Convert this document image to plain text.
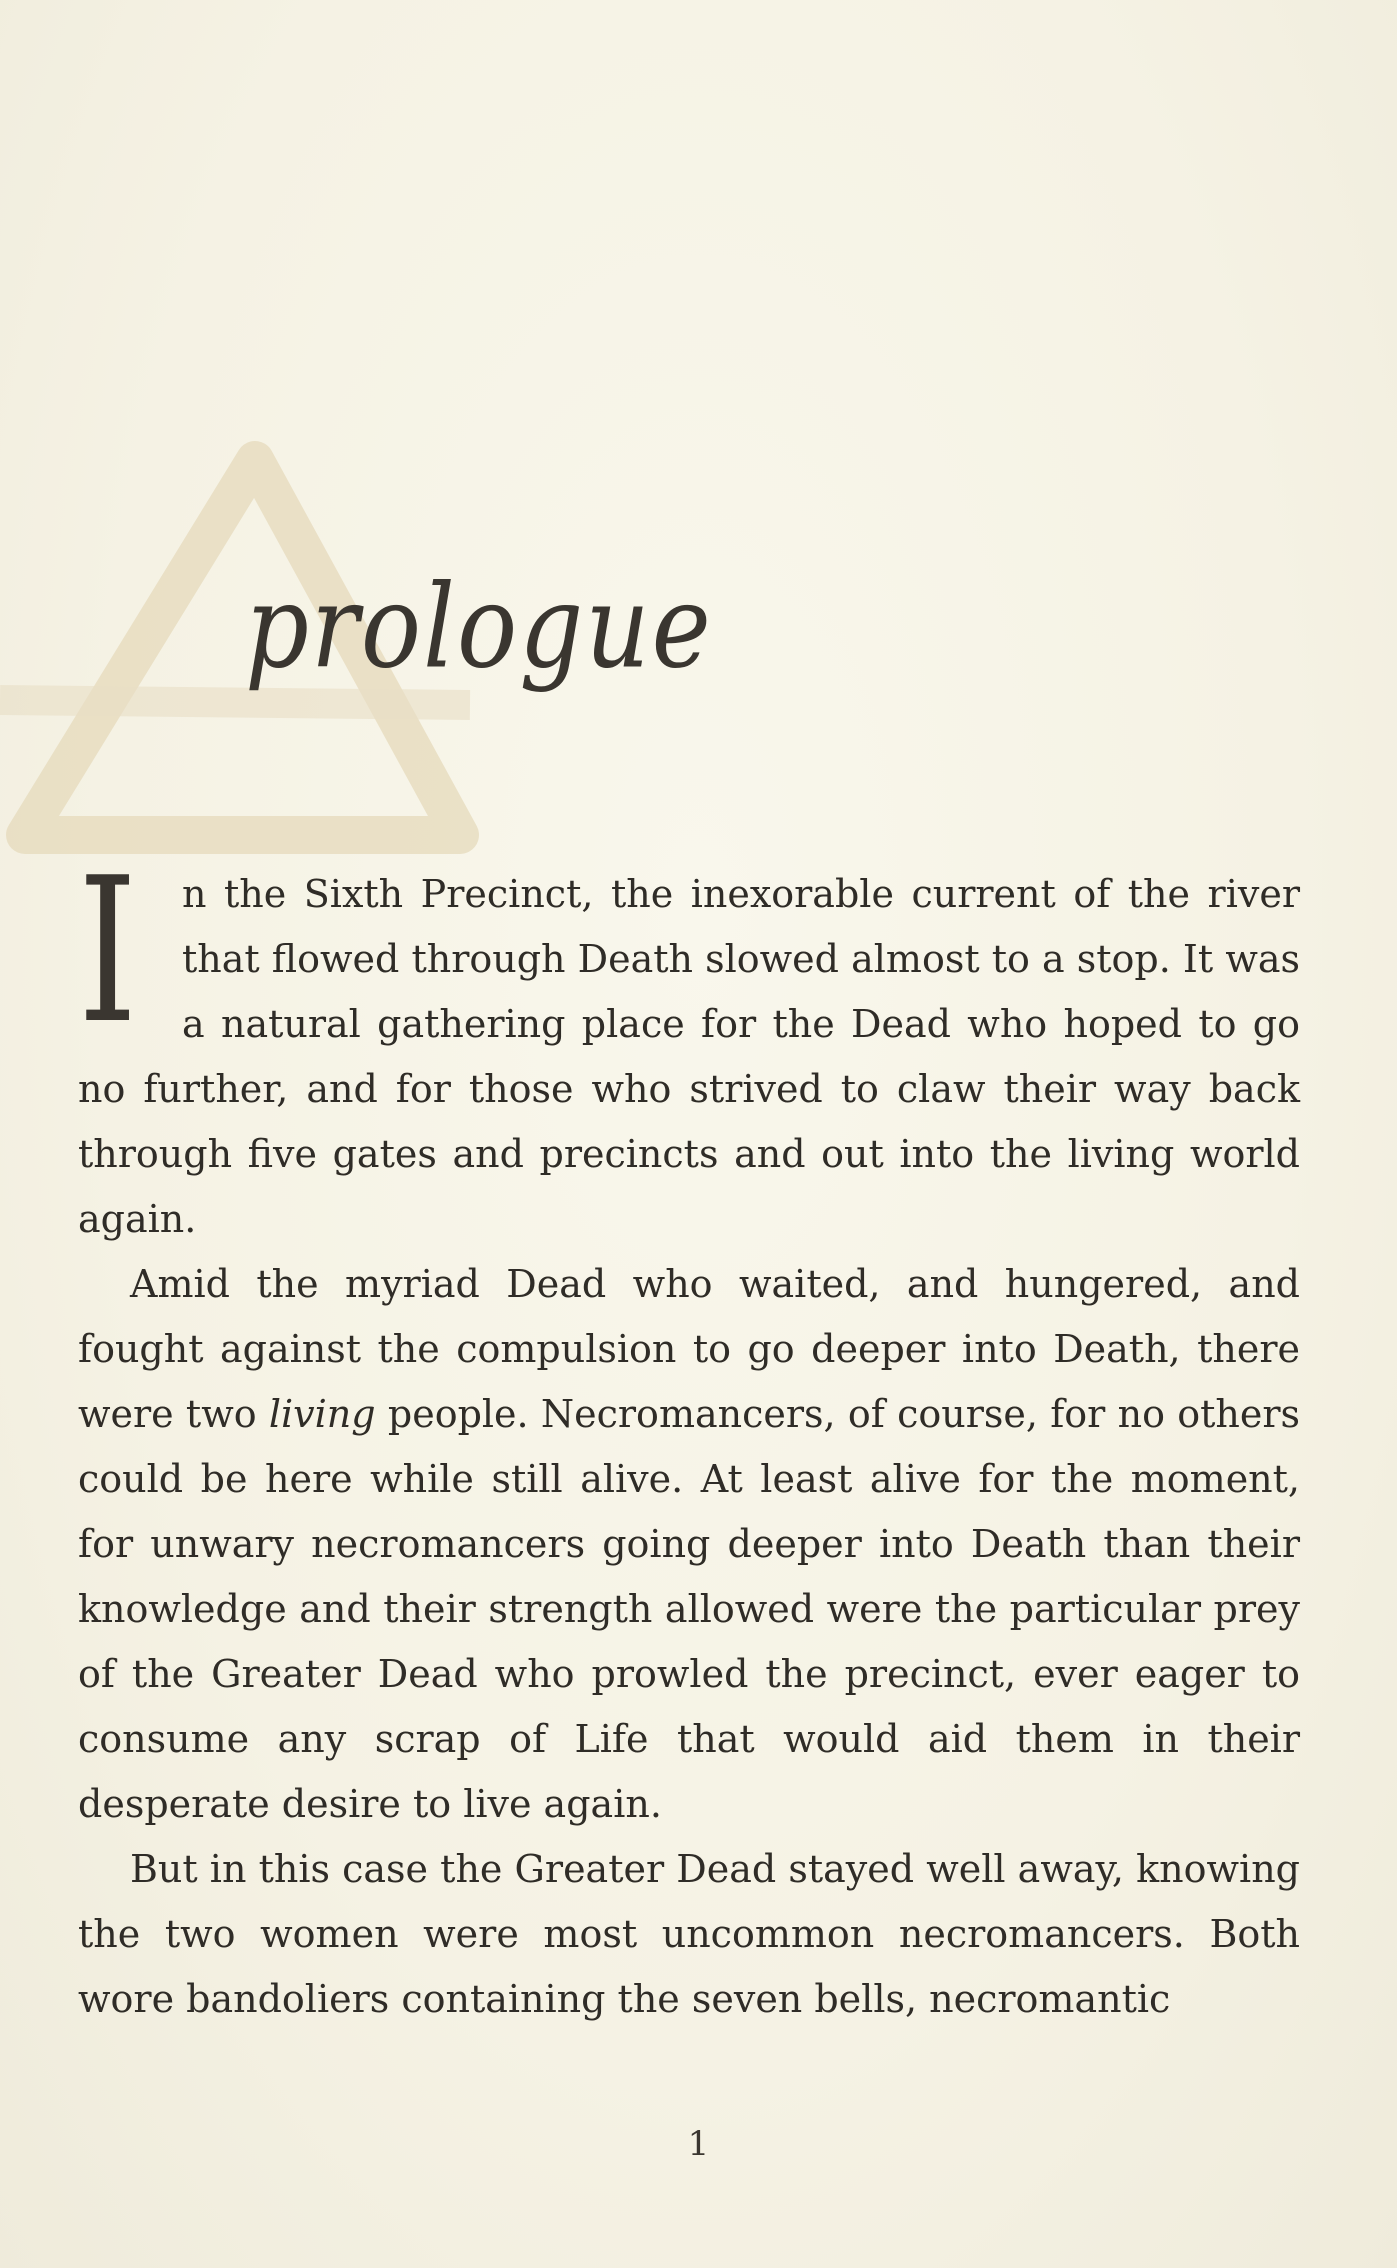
prologue

I n the Sixth Precinct, the inexorable current of the river that flowed through Death slowed almost to a stop. It was a natural gathering place for the Dead who hoped to go no further, and for those who strived to claw their way back through five gates and precincts and out into the living world again.

Amid the myriad Dead who waited, and hungered, and fought against the compulsion to go deeper into Death, there were two living people. Necromancers, of course, for no others could be here while still alive. At least alive for the moment, for unwary necromancers going deeper into Death than their knowledge and their strength allowed were the particular prey of the Greater Dead who prowled the precinct, ever eager to consume any scrap of Life that would aid them in their desperate desire to live again.

But in this case the Greater Dead stayed well away, knowing the two women were most uncommon necromancers. Both wore bandoliers containing the seven bells, necromantic

1
